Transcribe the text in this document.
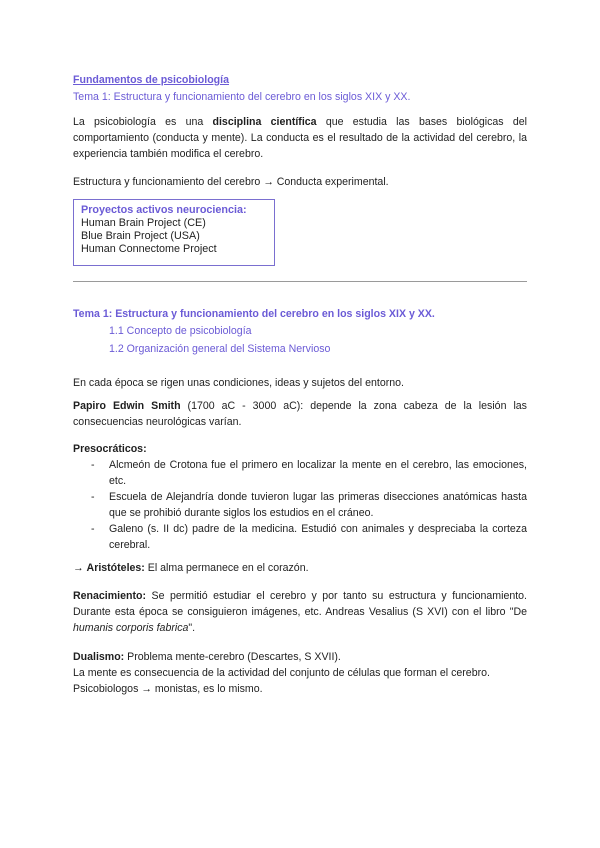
Fundamentos de psicobiología
Tema 1: Estructura y funcionamiento del cerebro en los siglos XIX y XX.
La psicobiología es una disciplina científica que estudia las bases biológicas del comportamiento (conducta y mente). La conducta es el resultado de la actividad del cerebro, la experiencia también modifica el cerebro.
Estructura y funcionamiento del cerebro → Conducta experimental.
Proyectos activos neurociencia:
Human Brain Project (CE)
Blue Brain Project (USA)
Human Connectome Project
Tema 1: Estructura y funcionamiento del cerebro en los siglos XIX y XX.
1.1 Concepto de psicobiología
1.2 Organización general del Sistema Nervioso
En cada época se rigen unas condiciones, ideas y sujetos del entorno.
Papiro Edwin Smith (1700 aC - 3000 aC): depende la zona cabeza de la lesión las consecuencias neurológicas varían.
Presocráticos:
- Alcmeón de Crotona fue el primero en localizar la mente en el cerebro, las emociones, etc.
- Escuela de Alejandría donde tuvieron lugar las primeras disecciones anatómicas hasta que se prohibió durante siglos los estudios en el cráneo.
- Galeno (s. II dc) padre de la medicina. Estudió con animales y despreciaba la corteza cerebral.
→ Aristóteles: El alma permanece en el corazón.
Renacimiento: Se permitió estudiar el cerebro y por tanto su estructura y funcionamiento. Durante esta época se consiguieron imágenes, etc. Andreas Vesalius (S XVI) con el libro "De humanis corporis fabrica".
Dualismo: Problema mente-cerebro (Descartes, S XVII).
La mente es consecuencia de la actividad del conjunto de células que forman el cerebro.
Psicobiologos → monistas, es lo mismo.
